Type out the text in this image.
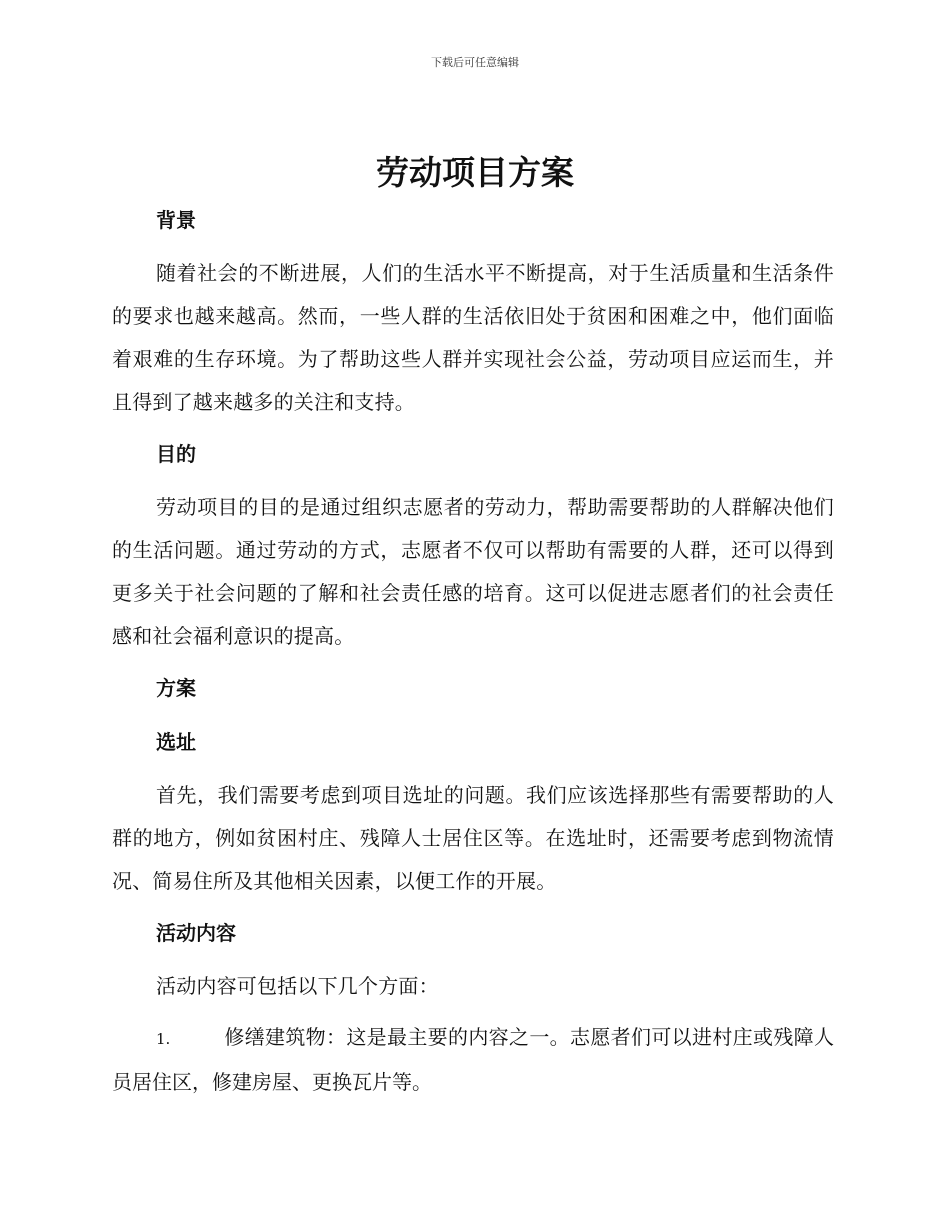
下载后可任意编辑
劳动项目方案
背景

随着社会的不断进展，人们的生活水平不断提高，对于生活质量和生活条件的要求也越来越高。然而，一些人群的生活依旧处于贫困和困难之中，他们面临着艰难的生存环境。为了帮助这些人群并实现社会公益，劳动项目应运而生，并且得到了越来越多的关注和支持。

目的

劳动项目的目的是通过组织志愿者的劳动力，帮助需要帮助的人群解决他们的生活问题。通过劳动的方式，志愿者不仅可以帮助有需要的人群，还可以得到更多关于社会问题的了解和社会责任感的培育。这可以促进志愿者们的社会责任感和社会福利意识的提高。

方案
选址

首先，我们需要考虑到项目选址的问题。我们应该选择那些有需要帮助的人群的地方，例如贫困村庄、残障人士居住区等。在选址时，还需要考虑到物流情况、简易住所及其他相关因素，以便工作的开展。

活动内容

活动内容可包括以下几个方面：

1.	修缮建筑物：这是最主要的内容之一。志愿者们可以进村庄或残障人员居住区，修建房屋、更换瓦片等。
